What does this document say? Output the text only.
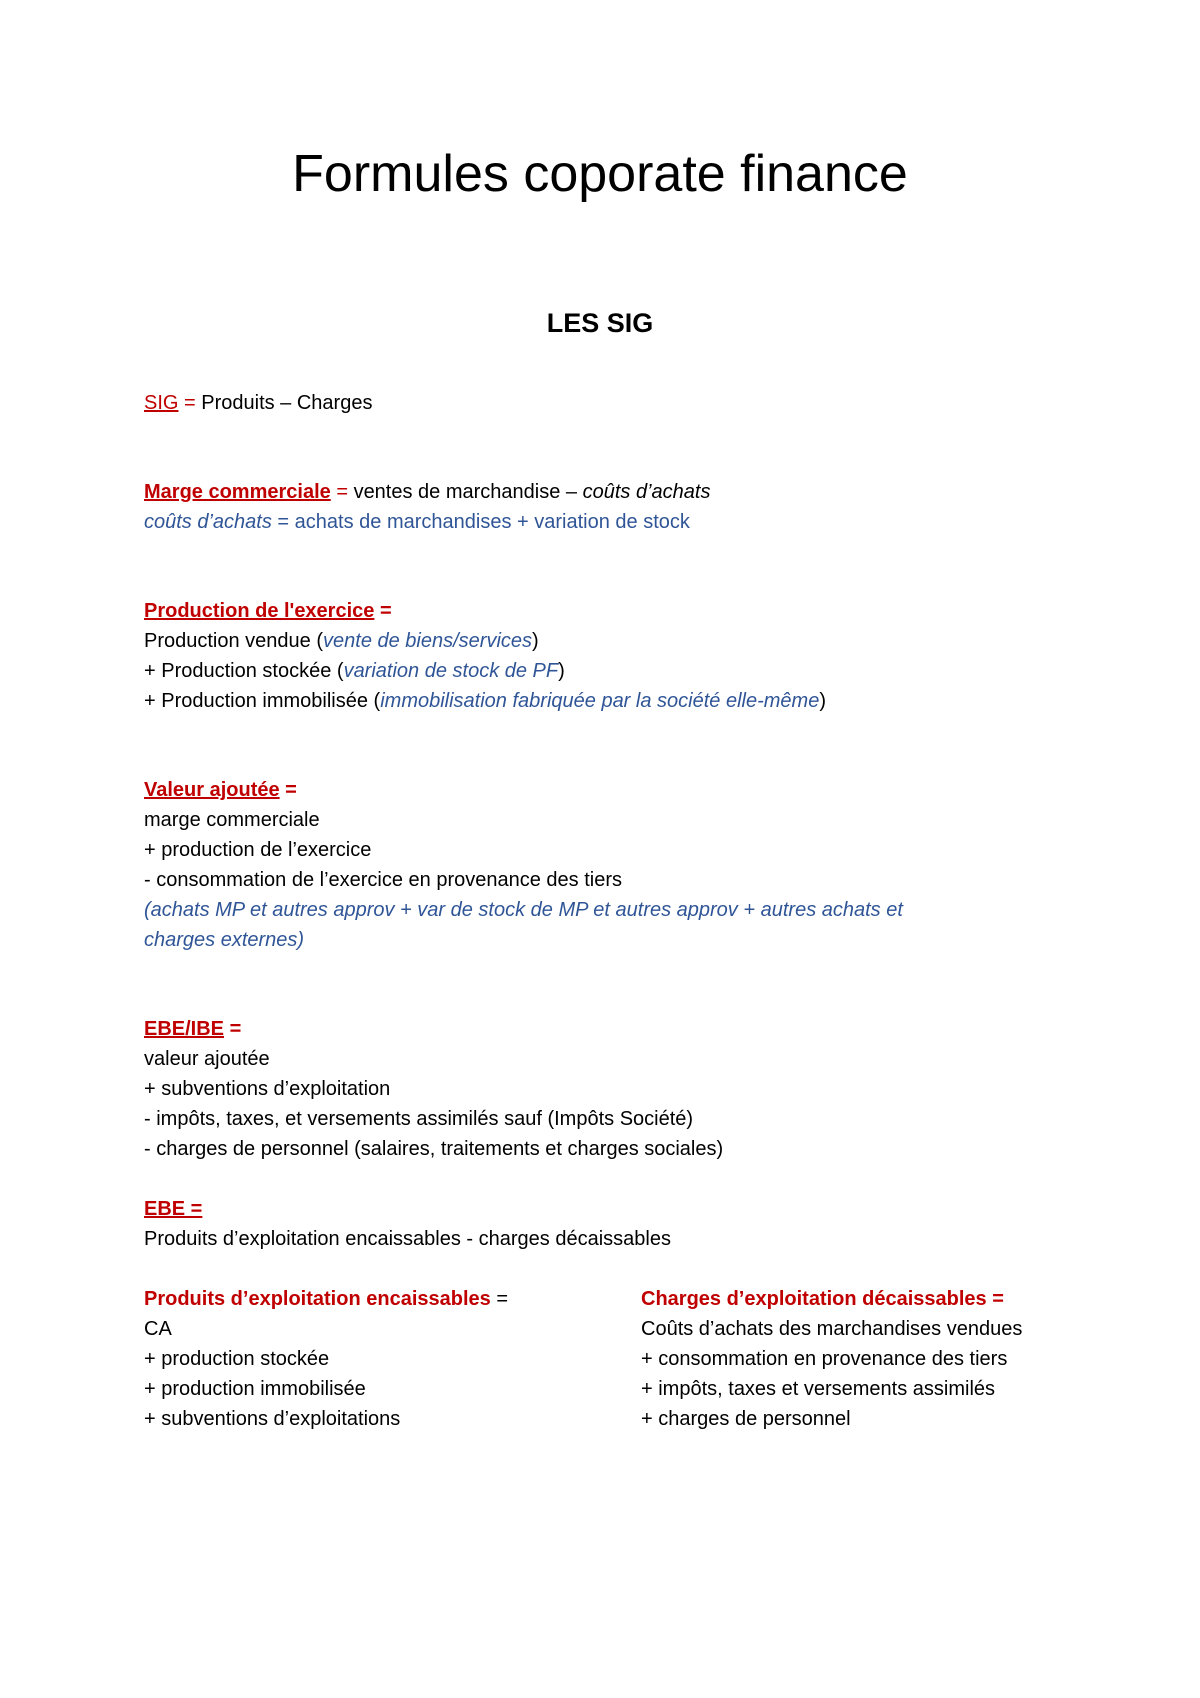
Formules coporate finance
LES SIG
SIG = Produits – Charges
Marge commerciale = ventes de marchandise – coûts d’achats
coûts d’achats = achats de marchandises + variation de stock
Production de l'exercice =
Production vendue (vente de biens/services)
+ Production stockée (variation de stock de PF)
+ Production immobilisée (immobilisation fabriquée par la société elle-même)
Valeur ajoutée =
marge commerciale
+ production de l’exercice
- consommation de l’exercice en provenance des tiers
(achats MP et autres approv + var de stock de MP et autres approv + autres achats et
charges externes)
EBE/IBE =
valeur ajoutée
+ subventions d’exploitation
- impôts, taxes, et versements assimilés sauf (Impôts Société)
- charges de personnel (salaires, traitements et charges sociales)
EBE =
Produits d’exploitation encaissables - charges décaissables
Produits d’exploitation encaissables =
CA
+ production stockée
+ production immobilisée
+ subventions d’exploitations
Charges d’exploitation décaissables =
Coûts d’achats des marchandises vendues
+ consommation en provenance des tiers
+ impôts, taxes et versements assimilés
+ charges de personnel
